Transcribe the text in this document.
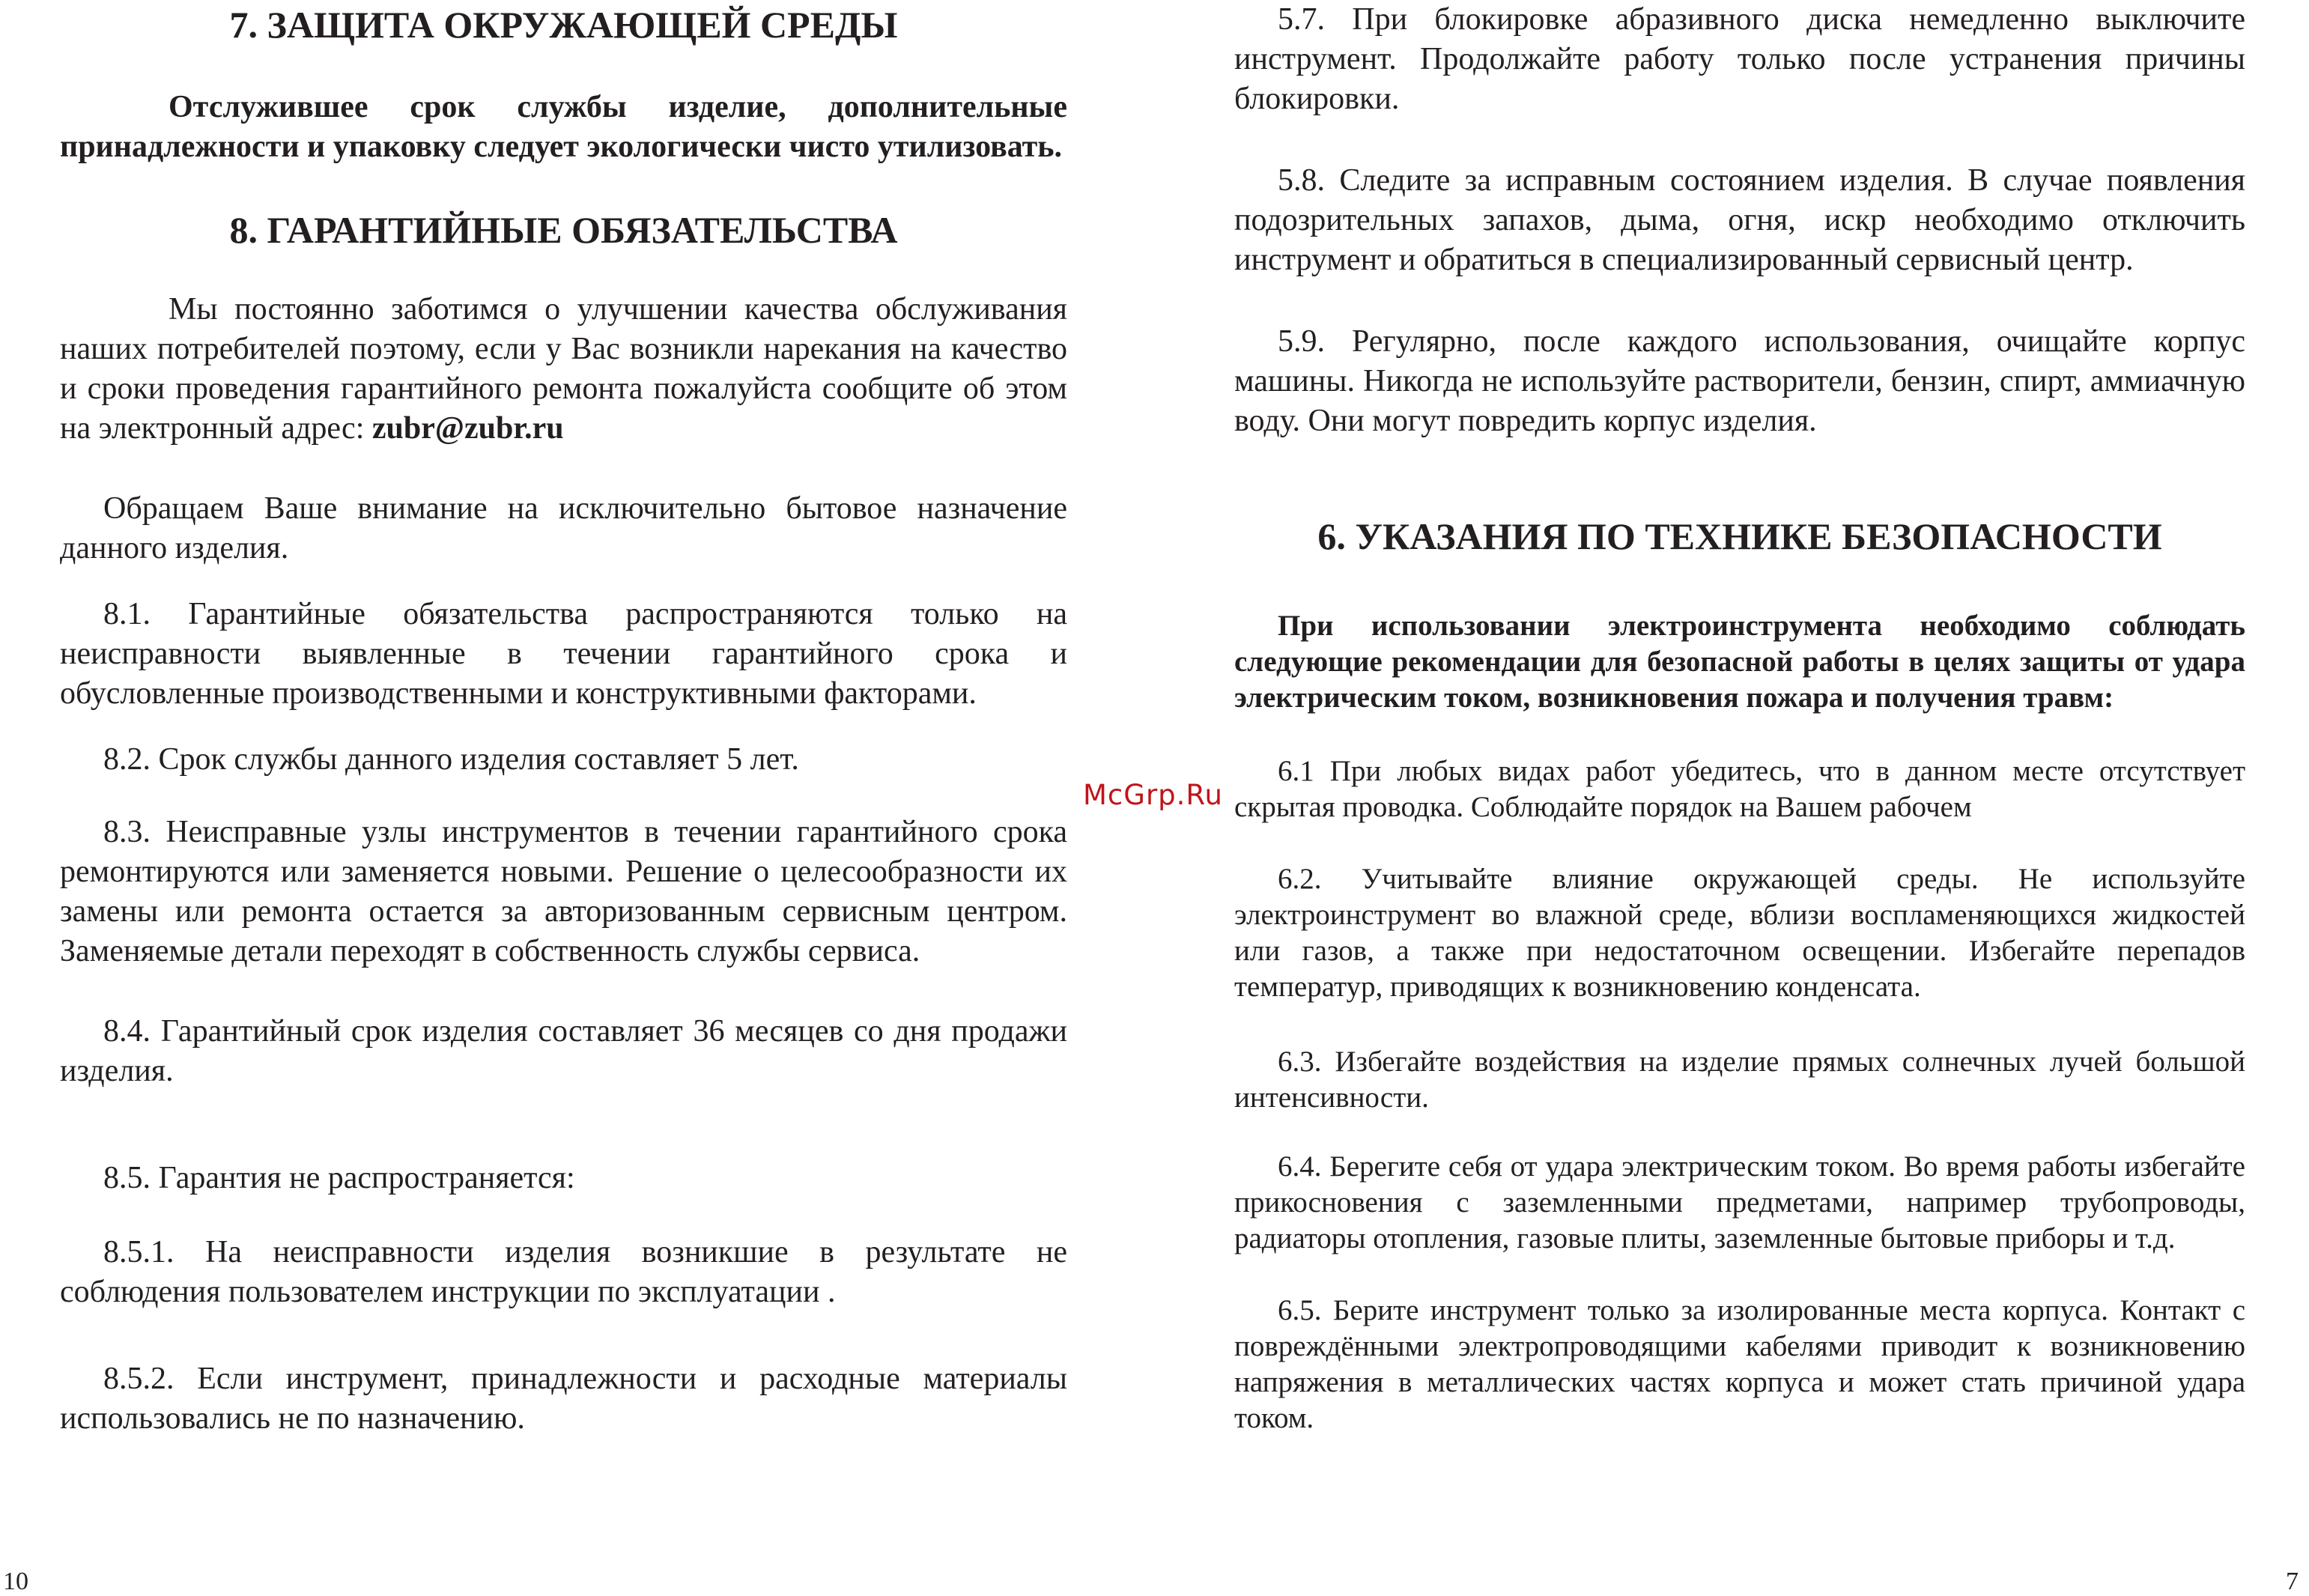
7. ЗАЩИТА ОКРУЖАЮЩЕЙ СРЕДЫ

Отслужившее срок службы изделие, дополнительные принадлежности и упаковку следует экологически чисто утилизовать.

8. ГАРАНТИЙНЫЕ ОБЯЗАТЕЛЬСТВА

Мы постоянно заботимся о улучшении качества обслуживания наших потребителей поэтому, если у Вас возникли нарекания на качество и сроки проведения гарантийного ремонта пожалуйста сообщите об этом на электронный адрес: zubr@zubr.ru

Обращаем Ваше внимание на исключительно бытовое назначение данного изделия.

8.1. Гарантийные обязательства распространяются только на неисправности выявленные в течении гарантийного срока и обусловленные производственными и конструктивными факторами.

8.2. Срок службы данного изделия составляет 5 лет.

8.3. Неисправные узлы инструментов в течении гарантийного срока ремонтируются или заменяется новыми. Решение о целесообразности их замены или ремонта остается за авторизованным сервисным центром. Заменяемые детали переходят в собственность службы сервиса.

8.4. Гарантийный срок изделия составляет 36 месяцев со дня продажи изделия.

8.5. Гарантия не распространяется:

8.5.1. На неисправности изделия возникшие в результате не соблюдения пользователем инструкции по эксплуатации .

8.5.2. Если инструмент, принадлежности и расходные материалы использовались не по назначению.

10
McGrp.Ru

5.7. При блокировке абразивного диска немедленно выключите инструмент. Продолжайте работу только после устранения причины блокировки.

5.8. Следите за исправным состоянием изделия. В случае появления подозрительных запахов, дыма, огня, искр необходимо отключить инструмент и обратиться в специализированный сервисный центр.

5.9. Регулярно, после каждого использования, очищайте корпус машины. Никогда не используйте растворители, бензин, спирт, аммиачную воду. Они могут повредить корпус изделия.

6. УКАЗАНИЯ ПО ТЕХНИКЕ БЕЗОПАСНОСТИ

При использовании электроинструмента необходимо соблюдать следующие рекомендации для безопасной работы в целях защиты от удара электрическим током, возникновения пожара и получения травм:

6.1 При любых видах работ убедитесь, что в данном месте отсутствует скрытая проводка. Соблюдайте порядок на Вашем рабочем

6.2. Учитывайте влияние окружающей среды. Не используйте электроинструмент во влажной среде, вблизи воспламеняющихся жидкостей или газов, а также при недостаточном освещении. Избегайте перепадов температур, приводящих к возникновению конденсата.

6.3. Избегайте воздействия на изделие прямых солнечных лучей большой интенсивности.

6.4. Берегите себя от удара электрическим током. Во время работы избегайте прикосновения с заземленными предметами, например трубопроводы, радиаторы отопления, газовые плиты, заземленные бытовые приборы и т.д.

6.5. Берите инструмент только за изолированные места корпуса. Контакт с повреждёнными электропроводящими кабелями приводит к возникновению напряжения в металлических частях корпуса и может стать причиной удара током.

7
